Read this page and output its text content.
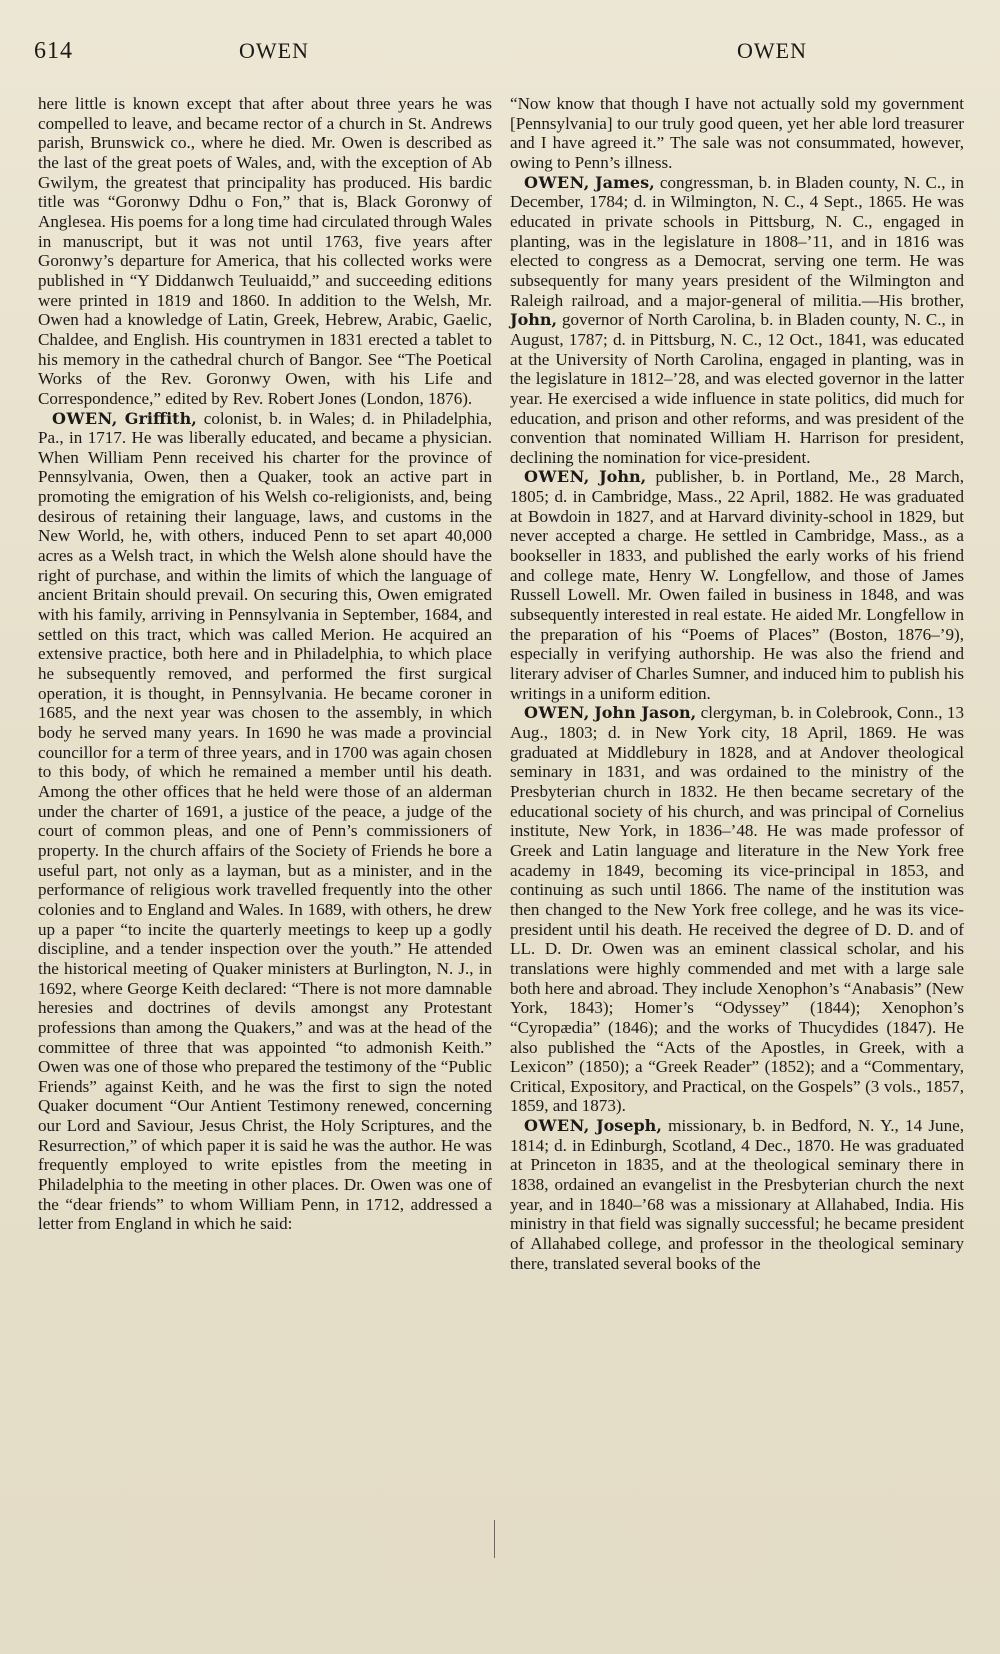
614	OWEN	OWEN

here little is known except that after about three years he was compelled to leave, and became rector of a church in St. Andrews parish, Brunswick co., where he died. Mr. Owen is described as the last of the great poets of Wales, and, with the exception of Ab Gwilym, the greatest that principality has produced. His bardic title was “Goronwy Ddhu o Fon,” that is, Black Goronwy of Anglesea. His poems for a long time had circulated through Wales in manuscript, but it was not until 1763, five years after Goronwy’s departure for America, that his collected works were published in “Y Diddanwch Teuluaidd,” and succeeding editions were printed in 1819 and 1860. In addition to the Welsh, Mr. Owen had a knowledge of Latin, Greek, Hebrew, Arabic, Gaelic, Chaldee, and English. His countrymen in 1831 erected a tablet to his memory in the cathedral church of Bangor. See “The Poetical Works of the Rev. Goronwy Owen, with his Life and Correspondence,” edited by Rev. Robert Jones (London, 1876).

OWEN, Griffith, colonist, b. in Wales; d. in Philadelphia, Pa., in 1717. He was liberally educated, and became a physician. When William Penn received his charter for the province of Pennsylvania, Owen, then a Quaker, took an active part in promoting the emigration of his Welsh co-religionists, and, being desirous of retaining their language, laws, and customs in the New World, he, with others, induced Penn to set apart 40,000 acres as a Welsh tract, in which the Welsh alone should have the right of purchase, and within the limits of which the language of ancient Britain should prevail. On securing this, Owen emigrated with his family, arriving in Pennsylvania in September, 1684, and settled on this tract, which was called Merion. He acquired an extensive practice, both here and in Philadelphia, to which place he subsequently removed, and performed the first surgical operation, it is thought, in Pennsylvania. He became coroner in 1685, and the next year was chosen to the assembly, in which body he served many years. In 1690 he was made a provincial councillor for a term of three years, and in 1700 was again chosen to this body, of which he remained a member until his death. Among the other offices that he held were those of an alderman under the charter of 1691, a justice of the peace, a judge of the court of common pleas, and one of Penn’s commissioners of property. In the church affairs of the Society of Friends he bore a useful part, not only as a layman, but as a minister, and in the performance of religious work travelled frequently into the other colonies and to England and Wales. In 1689, with others, he drew up a paper “to incite the quarterly meetings to keep up a godly discipline, and a tender inspection over the youth.” He attended the historical meeting of Quaker ministers at Burlington, N. J., in 1692, where George Keith declared: “There is not more damnable heresies and doctrines of devils amongst any Protestant professions than among the Quakers,” and was at the head of the committee of three that was appointed “to admonish Keith.” Owen was one of those who prepared the testimony of the “Public Friends” against Keith, and he was the first to sign the noted Quaker document “Our Antient Testimony renewed, concerning our Lord and Saviour, Jesus Christ, the Holy Scriptures, and the Resurrection,” of which paper it is said he was the author. He was frequently employed to write epistles from the meeting in Philadelphia to the meeting in other places. Dr. Owen was one of the “dear friends” to whom William Penn, in 1712, addressed a letter from England in which he said:

“Now know that though I have not actually sold my government [Pennsylvania] to our truly good queen, yet her able lord treasurer and I have agreed it.” The sale was not consummated, however, owing to Penn’s illness.

OWEN, James, congressman, b. in Bladen county, N. C., in December, 1784; d. in Wilmington, N. C., 4 Sept., 1865. He was educated in private schools in Pittsburg, N. C., engaged in planting, was in the legislature in 1808–’11, and in 1816 was elected to congress as a Democrat, serving one term. He was subsequently for many years president of the Wilmington and Raleigh railroad, and a major-general of militia.—His brother, John, governor of North Carolina, b. in Bladen county, N. C., in August, 1787; d. in Pittsburg, N. C., 12 Oct., 1841, was educated at the University of North Carolina, engaged in planting, was in the legislature in 1812–’28, and was elected governor in the latter year. He exercised a wide influence in state politics, did much for education, and prison and other reforms, and was president of the convention that nominated William H. Harrison for president, declining the nomination for vice-president.

OWEN, John, publisher, b. in Portland, Me., 28 March, 1805; d. in Cambridge, Mass., 22 April, 1882. He was graduated at Bowdoin in 1827, and at Harvard divinity-school in 1829, but never accepted a charge. He settled in Cambridge, Mass., as a bookseller in 1833, and published the early works of his friend and college mate, Henry W. Longfellow, and those of James Russell Lowell. Mr. Owen failed in business in 1848, and was subsequently interested in real estate. He aided Mr. Longfellow in the preparation of his “Poems of Places” (Boston, 1876–’9), especially in verifying authorship. He was also the friend and literary adviser of Charles Sumner, and induced him to publish his writings in a uniform edition.

OWEN, John Jason, clergyman, b. in Colebrook, Conn., 13 Aug., 1803; d. in New York city, 18 April, 1869. He was graduated at Middlebury in 1828, and at Andover theological seminary in 1831, and was ordained to the ministry of the Presbyterian church in 1832. He then became secretary of the educational society of his church, and was principal of Cornelius institute, New York, in 1836–’48. He was made professor of Greek and Latin language and literature in the New York free academy in 1849, becoming its vice-principal in 1853, and continuing as such until 1866. The name of the institution was then changed to the New York free college, and he was its vice-president until his death. He received the degree of D. D. and of LL. D. Dr. Owen was an eminent classical scholar, and his translations were highly commended and met with a large sale both here and abroad. They include Xenophon’s “Anabasis” (New York, 1843); Homer’s “Odyssey” (1844); Xenophon’s “Cyropædia” (1846); and the works of Thucydides (1847). He also published the “Acts of the Apostles, in Greek, with a Lexicon” (1850); a “Greek Reader” (1852); and a “Commentary, Critical, Expository, and Practical, on the Gospels” (3 vols., 1857, 1859, and 1873).

OWEN, Joseph, missionary, b. in Bedford, N. Y., 14 June, 1814; d. in Edinburgh, Scotland, 4 Dec., 1870. He was graduated at Princeton in 1835, and at the theological seminary there in 1838, ordained an evangelist in the Presbyterian church the next year, and in 1840–’68 was a missionary at Allahabed, India. His ministry in that field was signally successful; he became president of Allahabed college, and professor in the theological seminary there, translated several books of the
